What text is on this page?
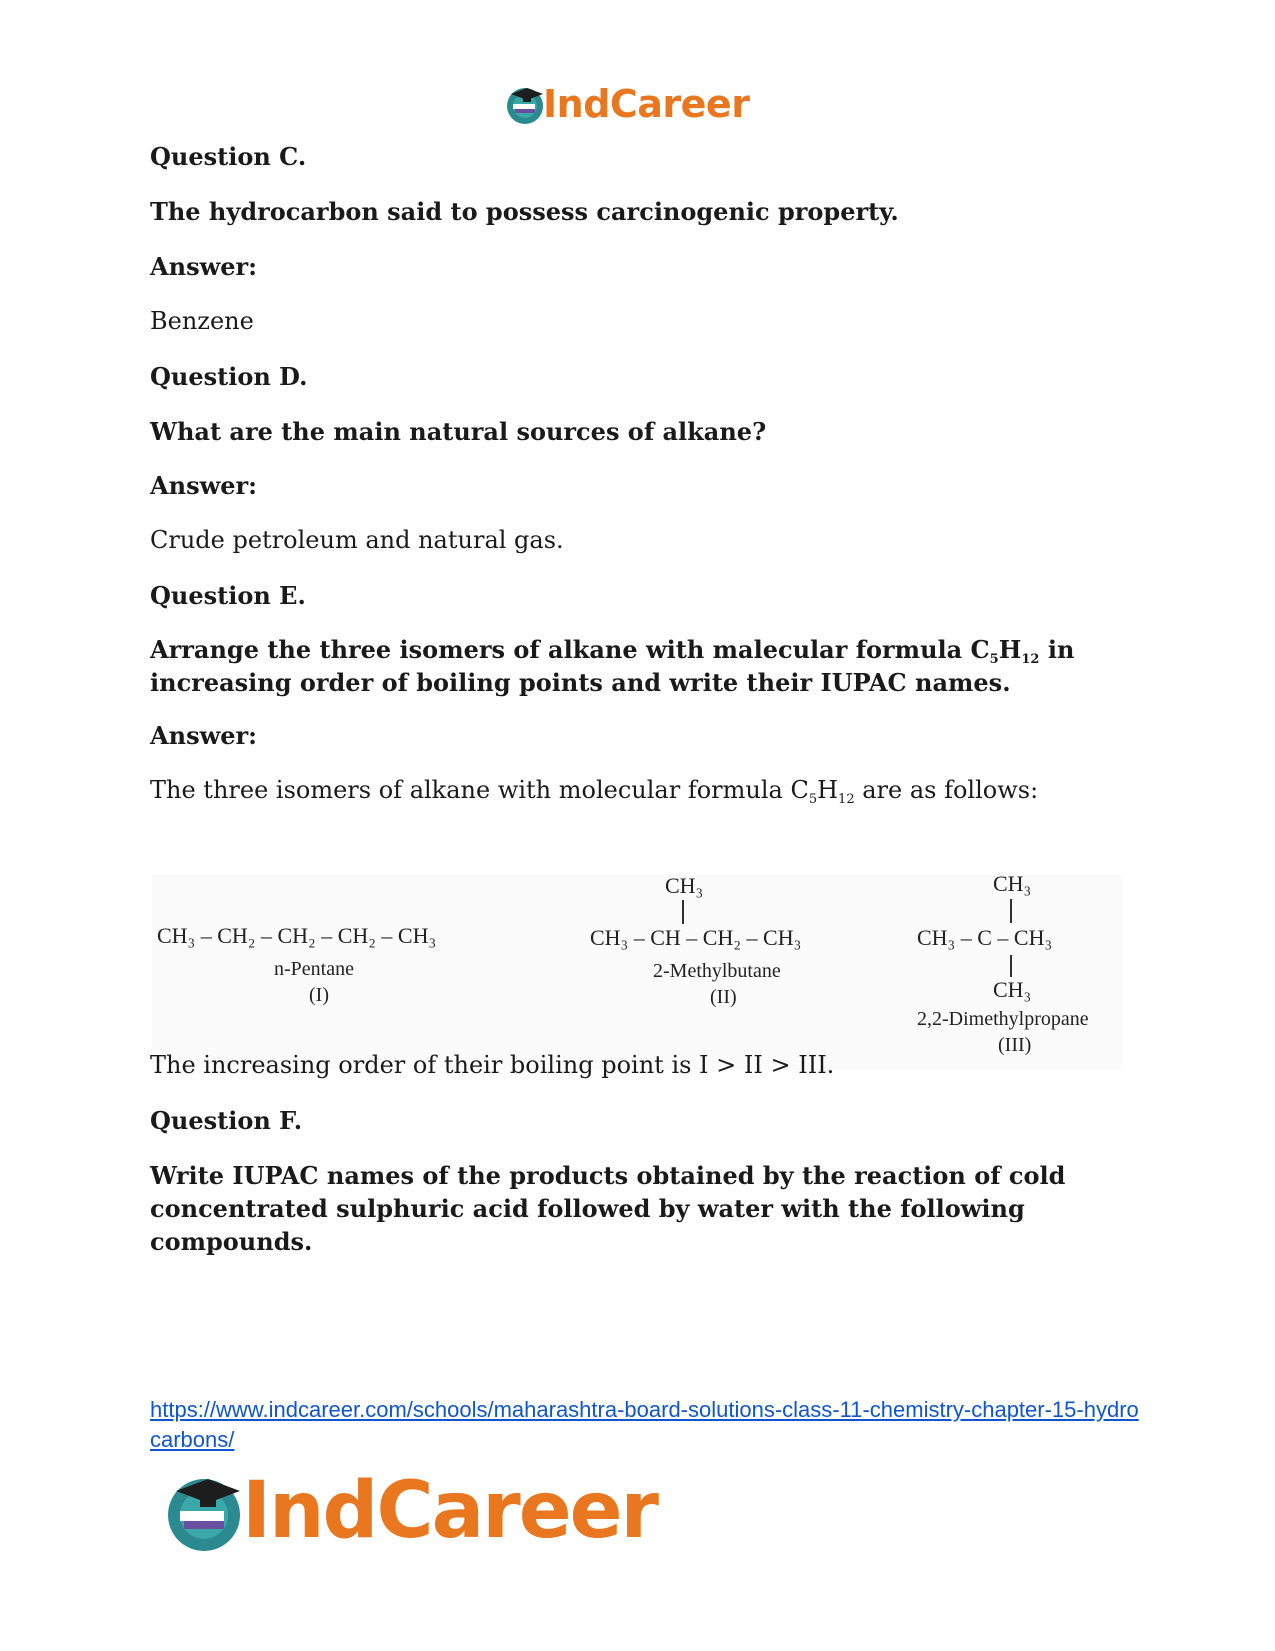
IndCareer

Question C.

The hydrocarbon said to possess carcinogenic property.

Answer:

Benzene

Question D.

What are the main natural sources of alkane?

Answer:

Crude petroleum and natural gas.

Question E.

Arrange the three isomers of alkane with malecular formula $C_5H_{12}$ in increasing order of boiling points and write their IUPAC names.

Answer:

The three isomers of alkane with molecular formula $C_5H_{12}$ are as follows:

CH₃ – CH₂ – CH₂ – CH₂ – CH₃
n-Pentane
(I)
CH₃
CH₃ – CH – CH₂ – CH₃
2-Methylbutane
(II)
CH₃
CH₃ – C – CH₃
CH₃
2,2-Dimethylpropane
(III)

The increasing order of their boiling point is I > II > III.

Question F.

Write IUPAC names of the products obtained by the reaction of cold concentrated sulphuric acid followed by water with the following compounds.

https://www.indcareer.com/schools/maharashtra-board-solutions-class-11-chemistry-chapter-15-hydrocarbons/
IndCareer
